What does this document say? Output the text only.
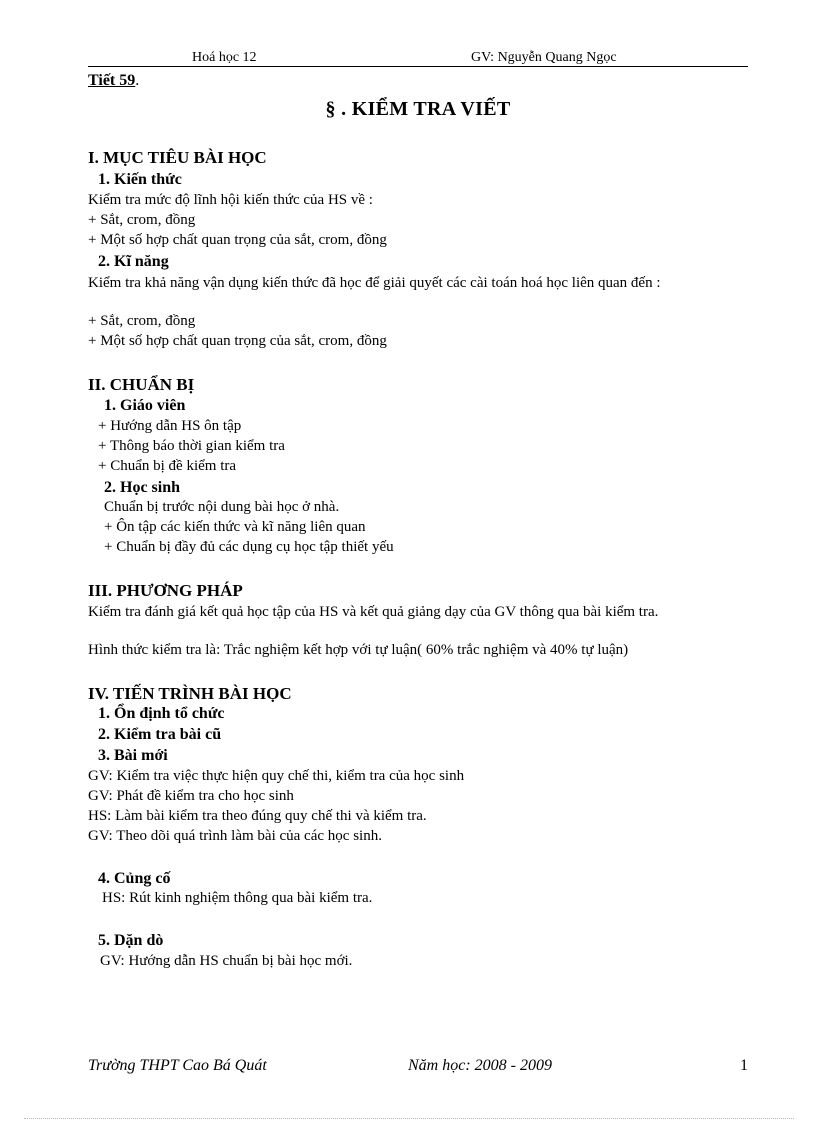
Hoá học 12	GV: Nguyễn Quang Ngọc
Tiết 59.
§ . KIỂM TRA VIẾT
I. MỤC TIÊU BÀI HỌC
1. Kiến thức
Kiểm tra mức độ lĩnh hội kiến thức của HS về :
+ Sắt, crom, đồng
+ Một số hợp chất quan trọng của sắt, crom, đồng
2. Kĩ năng
Kiểm tra khả năng vận dụng kiến thức đã học để giải quyết các cài toán hoá học liên quan đến :
+ Sắt, crom, đồng
+ Một số hợp chất quan trọng của sắt, crom, đồng
II. CHUẨN BỊ
1. Giáo viên
+ Hướng dẫn HS ôn tập
+ Thông báo thời gian kiểm tra
+ Chuẩn bị đề kiểm tra
2. Học sinh
Chuẩn bị trước nội dung bài học ở nhà.
+ Ôn tập các kiến thức và kĩ năng liên quan
+ Chuẩn bị đầy đủ các dụng cụ học tập thiết yếu
III. PHƯƠNG PHÁP
Kiểm tra đánh giá kết quả học tập của HS và kết quả giảng dạy của GV thông qua bài kiểm tra.
Hình thức kiểm tra là: Trắc nghiệm kết hợp với tự luận( 60% trắc nghiệm và 40% tự luận)
IV. TIẾN TRÌNH BÀI HỌC
1. Ổn định tổ chức
2. Kiểm tra bài cũ
3. Bài mới
GV: Kiểm tra việc thực hiện quy chế thi, kiểm tra của học sinh
GV: Phát đề kiểm tra cho học sinh
HS: Làm bài kiểm tra theo đúng quy chế thi và kiểm tra.
GV: Theo dõi quá trình làm bài của các học sinh.
4. Củng cố
HS: Rút kinh nghiệm thông qua bài kiểm tra.
5. Dặn dò
GV: Hướng dẫn HS chuẩn bị bài học mới.
Trường THPT Cao Bá Quát	Năm học: 2008 - 2009	1
